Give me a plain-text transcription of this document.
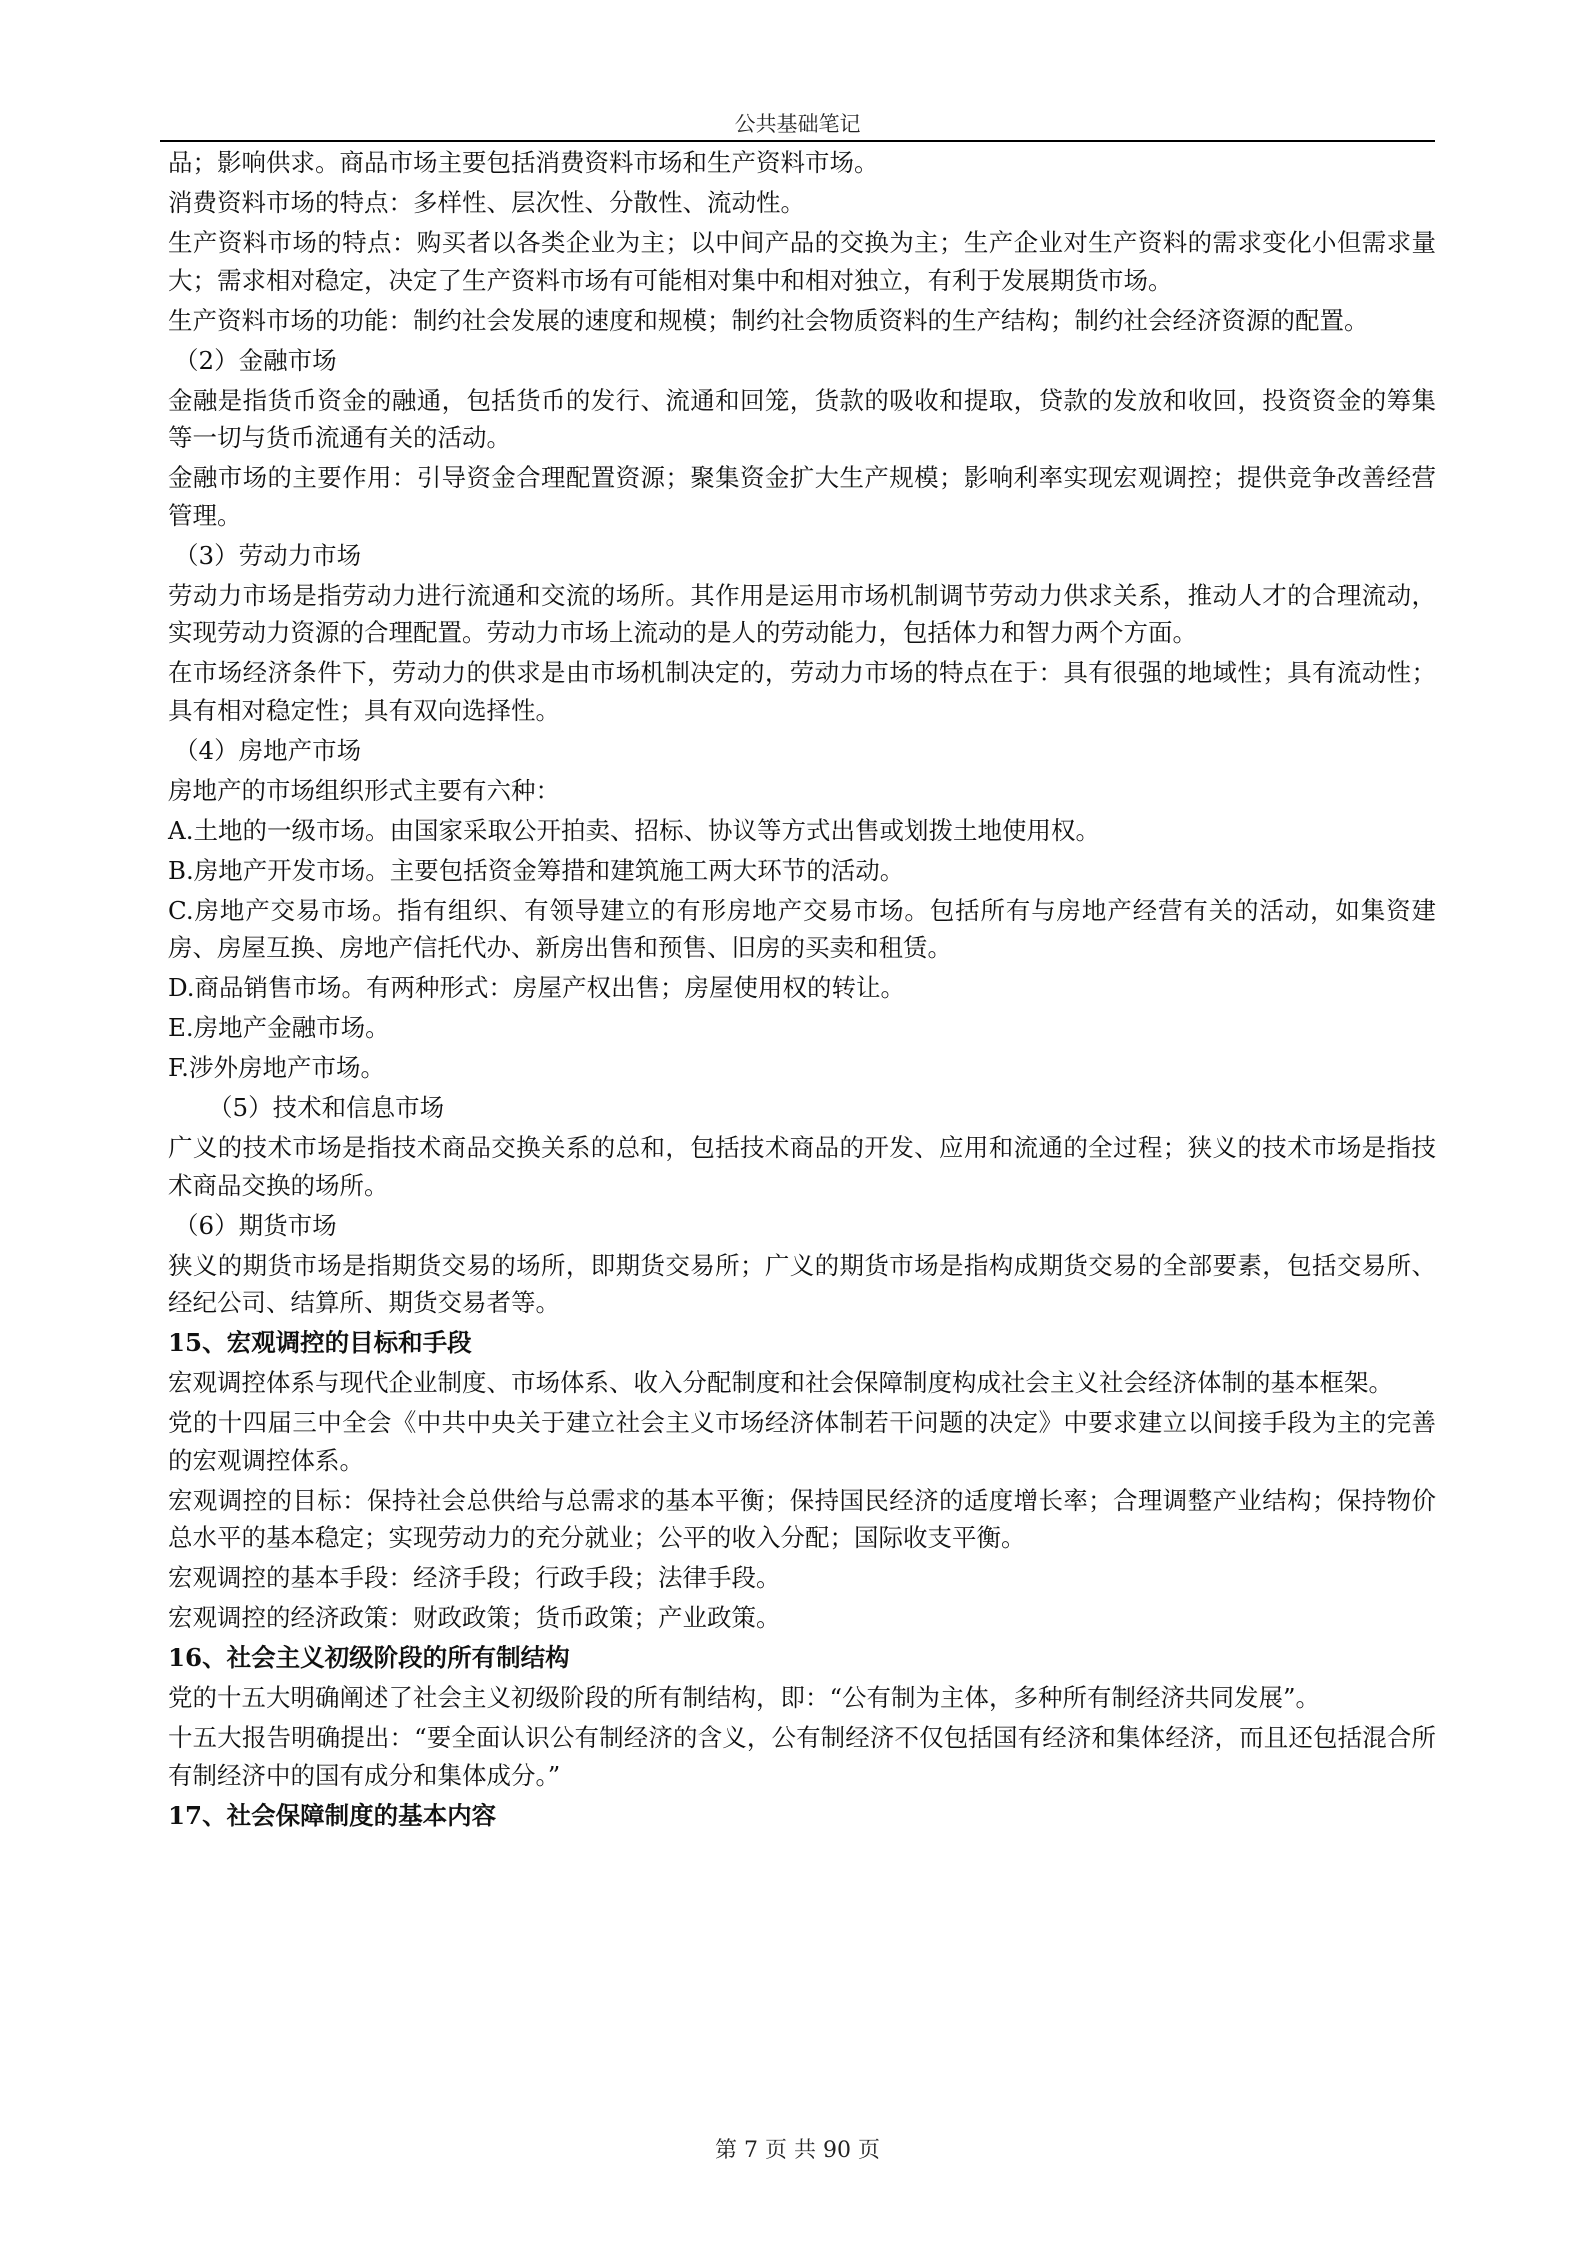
公共基础笔记

品；影响供求。商品市场主要包括消费资料市场和生产资料市场。

消费资料市场的特点：多样性、层次性、分散性、流动性。

生产资料市场的特点：购买者以各类企业为主；以中间产品的交换为主；生产企业对生产资料的需求变化小但需求量大；需求相对稳定，决定了生产资料市场有可能相对集中和相对独立，有利于发展期货市场。

生产资料市场的功能：制约社会发展的速度和规模；制约社会物质资料的生产结构；制约社会经济资源的配置。

（2）金融市场

金融是指货币资金的融通，包括货币的发行、流通和回笼，货款的吸收和提取，贷款的发放和收回，投资资金的筹集等一切与货币流通有关的活动。

金融市场的主要作用：引导资金合理配置资源；聚集资金扩大生产规模；影响利率实现宏观调控；提供竞争改善经营管理。

（3）劳动力市场

劳动力市场是指劳动力进行流通和交流的场所。其作用是运用市场机制调节劳动力供求关系，推动人才的合理流动，实现劳动力资源的合理配置。劳动力市场上流动的是人的劳动能力，包括体力和智力两个方面。

在市场经济条件下，劳动力的供求是由市场机制决定的，劳动力市场的特点在于：具有很强的地域性；具有流动性；具有相对稳定性；具有双向选择性。

（4）房地产市场

房地产的市场组织形式主要有六种：

A.土地的一级市场。由国家采取公开拍卖、招标、协议等方式出售或划拨土地使用权。

B.房地产开发市场。主要包括资金筹措和建筑施工两大环节的活动。

C.房地产交易市场。指有组织、有领导建立的有形房地产交易市场。包括所有与房地产经营有关的活动，如集资建房、房屋互换、房地产信托代办、新房出售和预售、旧房的买卖和租赁。

D.商品销售市场。有两种形式：房屋产权出售；房屋使用权的转让。

E.房地产金融市场。

F.涉外房地产市场。

（5）技术和信息市场

广义的技术市场是指技术商品交换关系的总和，包括技术商品的开发、应用和流通的全过程；狭义的技术市场是指技术商品交换的场所。

（6）期货市场

狭义的期货市场是指期货交易的场所，即期货交易所；广义的期货市场是指构成期货交易的全部要素，包括交易所、经纪公司、结算所、期货交易者等。

15、宏观调控的目标和手段

宏观调控体系与现代企业制度、市场体系、收入分配制度和社会保障制度构成社会主义社会经济体制的基本框架。

党的十四届三中全会《中共中央关于建立社会主义市场经济体制若干问题的决定》中要求建立以间接手段为主的完善的宏观调控体系。

宏观调控的目标：保持社会总供给与总需求的基本平衡；保持国民经济的适度增长率；合理调整产业结构；保持物价总水平的基本稳定；实现劳动力的充分就业；公平的收入分配；国际收支平衡。

宏观调控的基本手段：经济手段；行政手段；法律手段。

宏观调控的经济政策：财政政策；货币政策；产业政策。

16、社会主义初级阶段的所有制结构

党的十五大明确阐述了社会主义初级阶段的所有制结构，即：“公有制为主体，多种所有制经济共同发展”。

十五大报告明确提出：“要全面认识公有制经济的含义，公有制经济不仅包括国有经济和集体经济，而且还包括混合所有制经济中的国有成分和集体成分。”

17、社会保障制度的基本内容
第 7 页 共 90 页
